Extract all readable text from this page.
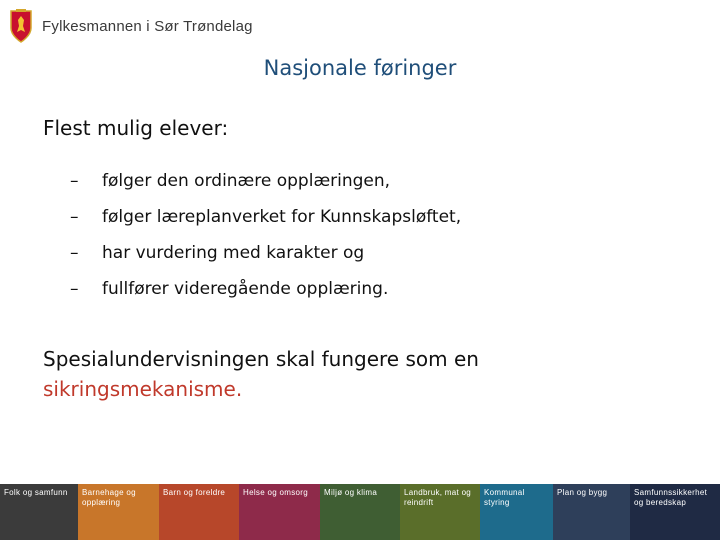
Fylkesmannen i Sør Trøndelag
Nasjonale føringer
Flest mulig elever:
–	følger den ordinære opplæringen,
–	følger læreplanverket for Kunnskapsløftet,
–	har vurdering med karakter og
–	fullfører videregående opplæring.
Spesialundervisningen skal fungere som en
sikringsmekanisme.
Folk og samfunn	Barnehage og opplæring
Barn og foreldre	Helse og omsorg	Miljø og klima	Landbruk, mat og reindrift
Kommunal styring
Plan og bygg	Samfunnssikkerhet og beredskap
